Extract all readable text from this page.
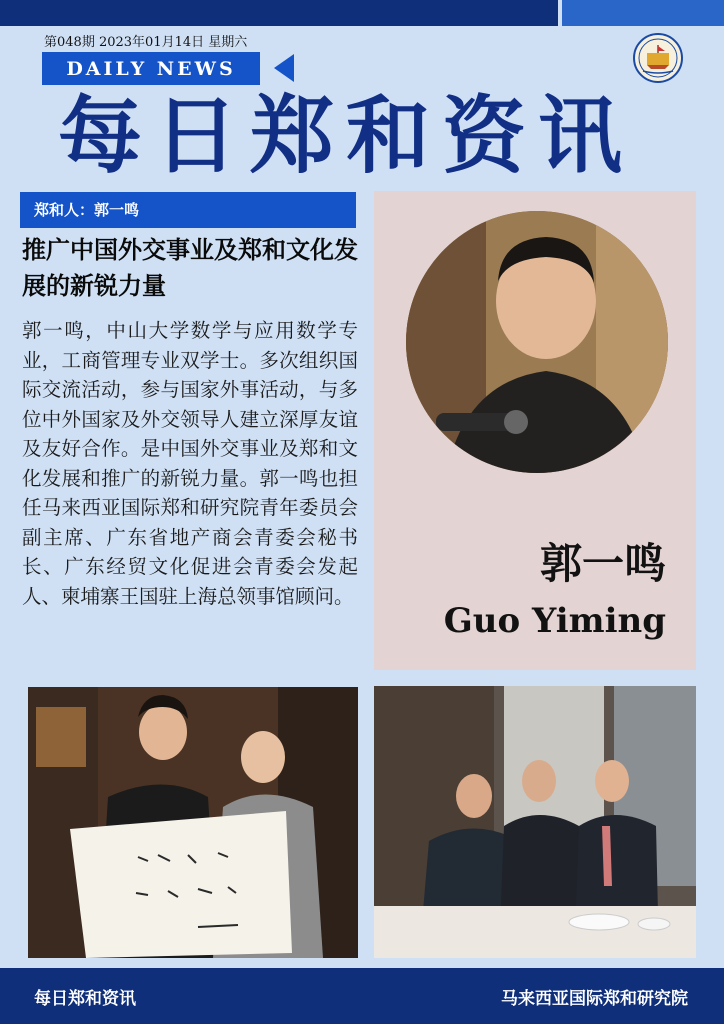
第048期 2023年01月14日 星期六
DAILY NEWS
每日郑和资讯
郑和人：郭一鸣
推广中国外交事业及郑和文化发展的新锐力量
郭一鸣，中山大学数学与应用数学专业，工商管理专业双学士。多次组织国际交流活动，参与国家外事活动，与多位中外国家及外交领导人建立深厚友谊及友好合作。是中国外交事业及郑和文化发展和推广的新锐力量。郭一鸣也担任马来西亚国际郑和研究院青年委员会副主席、广东省地产商会青委会秘书长、广东经贸文化促进会青委会发起人、柬埔寨王国驻上海总领事馆顾问。
郭一鸣
Guo Yiming
每日郑和资讯	马来西亚国际郑和研究院
